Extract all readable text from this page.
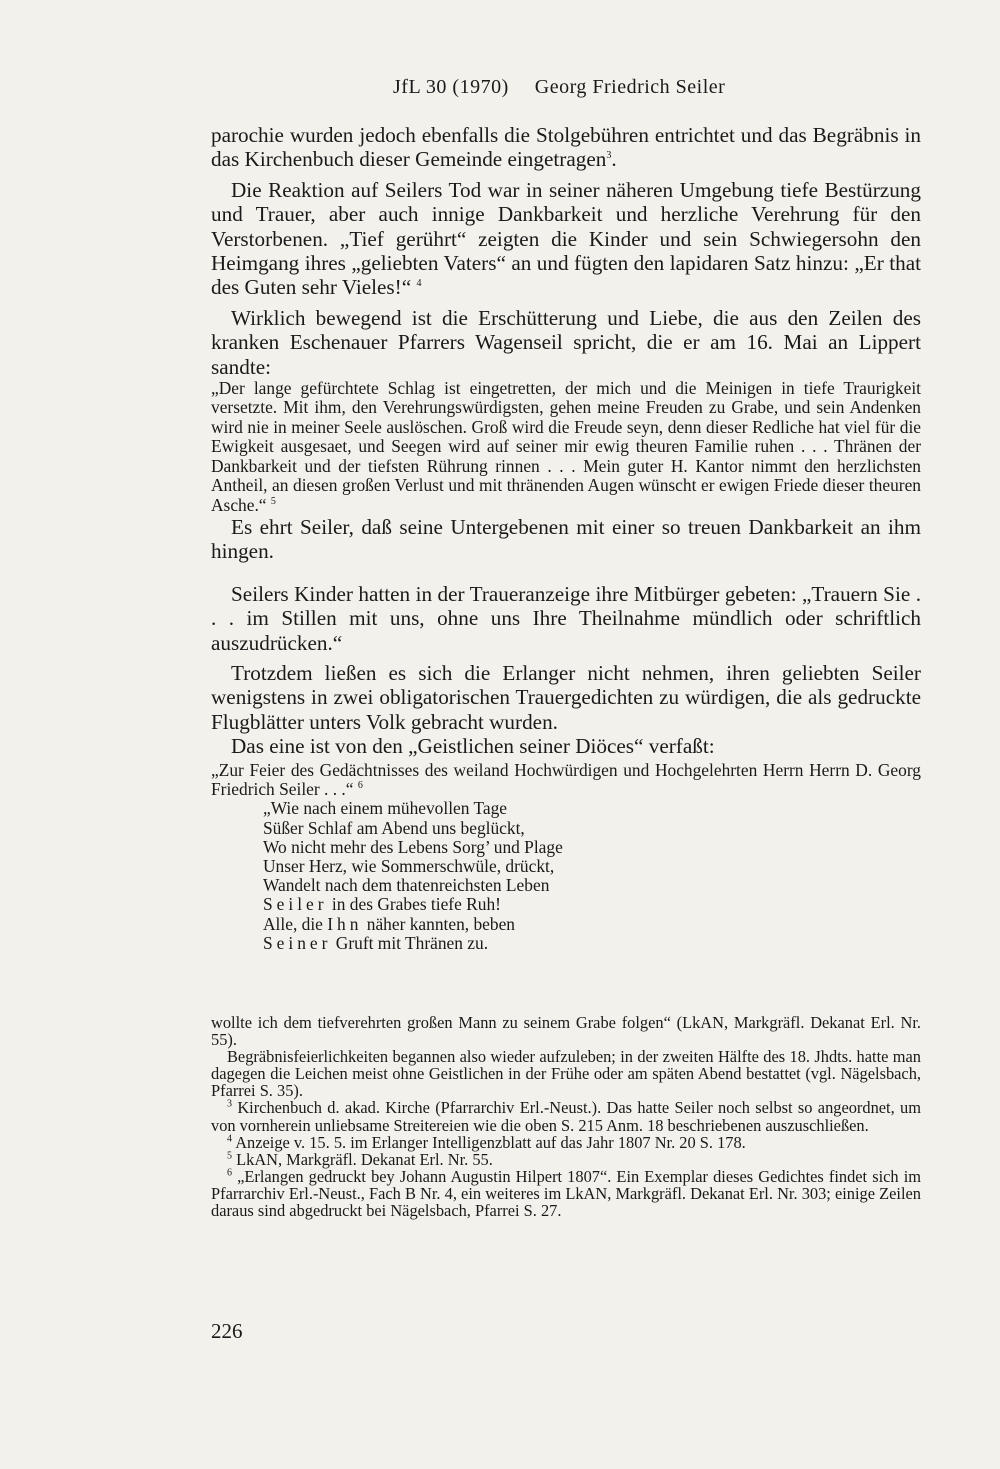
JfL 30 (1970) Georg Friedrich Seiler

parochie wurden jedoch ebenfalls die Stolgebühren entrichtet und das Begräbnis in das Kirchenbuch dieser Gemeinde eingetragen$^3$.

Die Reaktion auf Seilers Tod war in seiner näheren Umgebung tiefe Bestürzung und Trauer, aber auch innige Dankbarkeit und herzliche Verehrung für den Verstorbenen. „Tief gerührt“ zeigten die Kinder und sein Schwiegersohn den Heimgang ihres „geliebten Vaters“ an und fügten den lapidaren Satz hinzu: „Er that des Guten sehr Vieles!“ $^4$

Wirklich bewegend ist die Erschütterung und Liebe, die aus den Zeilen des kranken Eschenauer Pfarrers Wagenseil spricht, die er am 16. Mai an Lippert sandte:

„Der lange gefürchtete Schlag ist eingetretten, der mich und die Meinigen in tiefe Traurigkeit versetzte. Mit ihm, den Verehrungswürdigsten, gehen meine Freuden zu Grabe, und sein Andenken wird nie in meiner Seele auslöschen. Groß wird die Freude seyn, denn dieser Redliche hat viel für die Ewigkeit ausgesaet, und Seegen wird auf seiner mir ewig theuren Familie ruhen . . . Thränen der Dankbarkeit und der tiefsten Rührung rinnen . . . Mein guter H. Kantor nimmt den herzlichsten Antheil, an diesen großen Verlust und mit thränenden Augen wünscht er ewigen Friede dieser theuren Asche.“ $^5$

Es ehrt Seiler, daß seine Untergebenen mit einer so treuen Dankbarkeit an ihm hingen.

Seilers Kinder hatten in der Traueranzeige ihre Mitbürger gebeten: „Trauern Sie . . . im Stillen mit uns, ohne uns Ihre Theilnahme mündlich oder schriftlich auszudrücken.“

Trotzdem ließen es sich die Erlanger nicht nehmen, ihren geliebten Seiler wenigstens in zwei obligatorischen Trauergedichten zu würdigen, die als gedruckte Flugblätter unters Volk gebracht wurden.

Das eine ist von den „Geistlichen seiner Diöces“ verfaßt:

„Zur Feier des Gedächtnisses des weiland Hochwürdigen und Hochgelehrten Herrn Herrn D. Georg Friedrich Seiler . . .“ $^6$

„Wie nach einem mühevollen Tage
Süßer Schlaf am Abend uns beglückt,
Wo nicht mehr des Lebens Sorg’ und Plage
Unser Herz, wie Sommerschwüle, drückt,
Wandelt nach dem thatenreichsten Leben
Seiler in des Grabes tiefe Ruh!
Alle, die Ihn näher kannten, beben
Seiner Gruft mit Thränen zu.

wollte ich dem tiefverehrten großen Mann zu seinem Grabe folgen“ (LkAN, Markgräfl. Dekanat Erl. Nr. 55).

Begräbnisfeierlichkeiten begannen also wieder aufzuleben; in der zweiten Hälfte des 18. Jhdts. hatte man dagegen die Leichen meist ohne Geistlichen in der Frühe oder am späten Abend bestattet (vgl. Nägelsbach, Pfarrei S. 35).

$^3$ Kirchenbuch d. akad. Kirche (Pfarrarchiv Erl.-Neust.). Das hatte Seiler noch selbst so angeordnet, um von vornherein unliebsame Streitereien wie die oben S. 215 Anm. 18 beschriebenen auszuschließen.

$^4$ Anzeige v. 15. 5. im Erlanger Intelligenzblatt auf das Jahr 1807 Nr. 20 S. 178.

$^5$ LkAN, Markgräfl. Dekanat Erl. Nr. 55.

$^6$ „Erlangen gedruckt bey Johann Augustin Hilpert 1807“. Ein Exemplar dieses Gedichtes findet sich im Pfarrarchiv Erl.-Neust., Fach B Nr. 4, ein weiteres im LkAN, Markgräfl. Dekanat Erl. Nr. 303; einige Zeilen daraus sind abgedruckt bei Nägelsbach, Pfarrei S. 27.

226
